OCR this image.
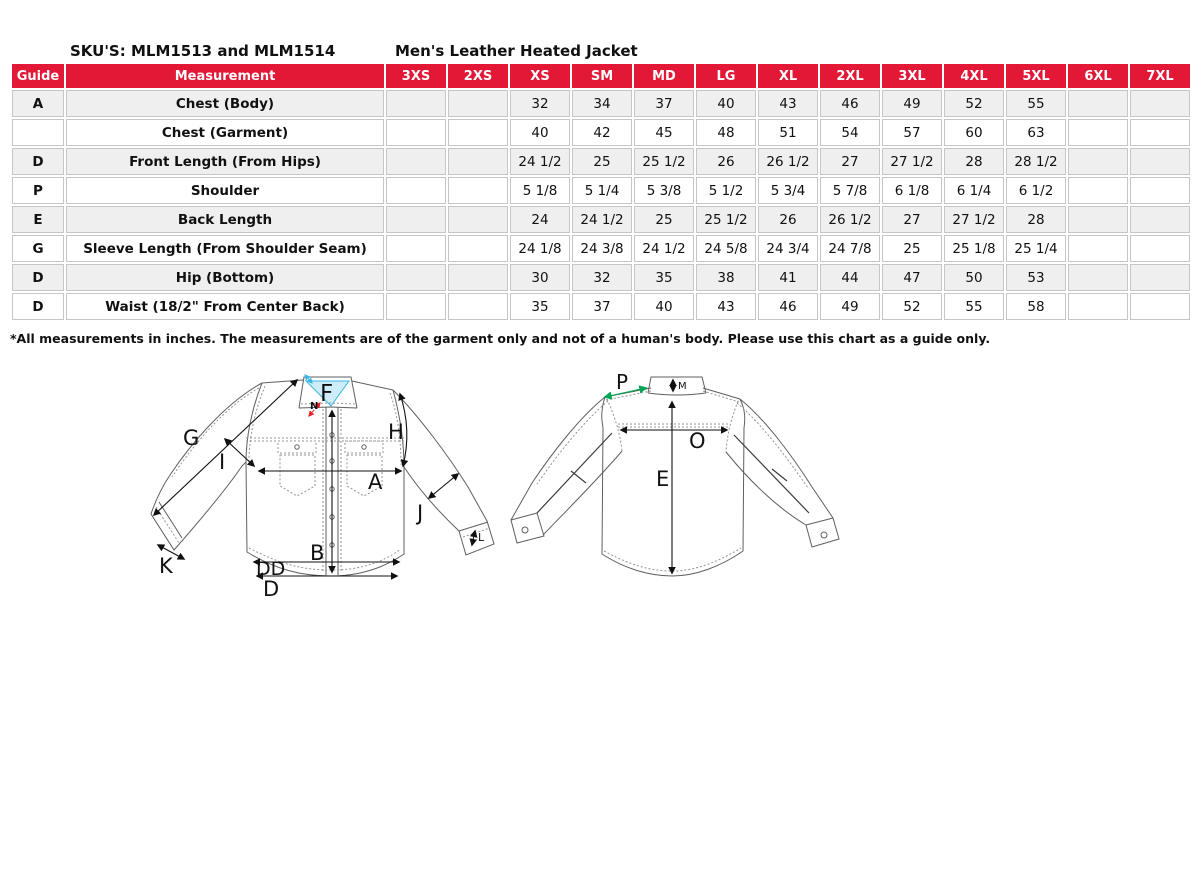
SKU'S: MLM1513 and MLM1514	Men's Leather Heated Jacket
Guide	Measurement	3XS	2XS	XS	SM	MD	LG	XL	2XL	3XL	4XL	5XL	6XL	7XL
A	Chest (Body)			32	34	37	40	43	46	49	52	55		
	Chest (Garment)			40	42	45	48	51	54	57	60	63		
D	Front Length (From Hips)			24 1/2	25	25 1/2	26	26 1/2	27	27 1/2	28	28 1/2		
P	Shoulder			5 1/8	5 1/4	5 3/8	5 1/2	5 3/4	5 7/8	6 1/8	6 1/4	6 1/2		
E	Back Length			24	24 1/2	25	25 1/2	26	26 1/2	27	27 1/2	28		
G	Sleeve Length (From Shoulder Seam)			24 1/8	24 3/8	24 1/2	24 5/8	24 3/4	24 7/8	25	25 1/8	25 1/4		
D	Hip (Bottom)			30	32	35	38	41	44	47	50	53		
D	Waist (18/2" From Center Back)			35	37	40	43	46	49	52	55	58		
*All measurements in inches. The measurements are of the garment only and not of a human's body. Please use this chart as a guide only.
G
I
F
N
H
A
J
B
K	DD
D
L
P	M
O
E
